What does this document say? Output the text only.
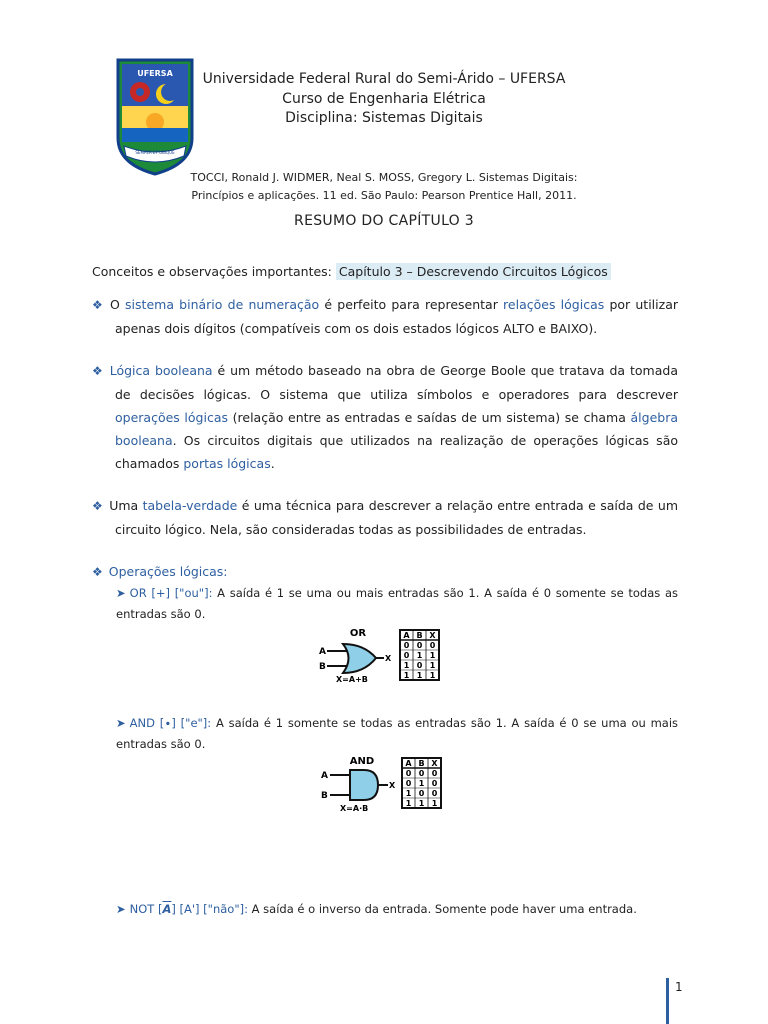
UFERSA
SEMPER ET UBIQUE
Universidade Federal Rural do Semi-Árido – UFERSA
Curso de Engenharia Elétrica
Disciplina: Sistemas Digitais
TOCCI, Ronald J. WIDMER, Neal S. MOSS, Gregory L. Sistemas Digitais:
Princípios e aplicações. 11 ed. São Paulo: Pearson Prentice Hall, 2011.
RESUMO DO CAPÍTULO 3
Conceitos e observações importantes: Capítulo 3 – Descrevendo Circuitos Lógicos
❖ O sistema binário de numeração é perfeito para representar relações lógicas por utilizar apenas dois dígitos (compatíveis com os dois estados lógicos ALTO e BAIXO).
❖ Lógica booleana é um método baseado na obra de George Boole que tratava da tomada de decisões lógicas. O sistema que utiliza símbolos e operadores para descrever operações lógicas (relação entre as entradas e saídas de um sistema) se chama álgebra booleana. Os circuitos digitais que utilizados na realização de operações lógicas são chamados portas lógicas.
❖ Uma tabela-verdade é uma técnica para descrever a relação entre entrada e saída de um circuito lógico. Nela, são consideradas todas as possibilidades de entradas.
❖ Operações lógicas:
➤ OR [+] ["ou"]: A saída é 1 se uma ou mais entradas são 1. A saída é 0 somente se todas as entradas são 0.
OR
A
B
X
X=A+B
A B X
0 0 0
0 1 1
1 0 1
1 1 1
➤ AND [∙] ["e"]: A saída é 1 somente se todas as entradas são 1. A saída é 0 se uma ou mais entradas são 0.
AND
A
B
X
X=A·B
A B X
0 0 0
0 1 0
1 0 0
1 1 1
➤ NOT $[\overline{A}]$ [A'] ["não"]: A saída é o inverso da entrada. Somente pode haver uma entrada.
1
